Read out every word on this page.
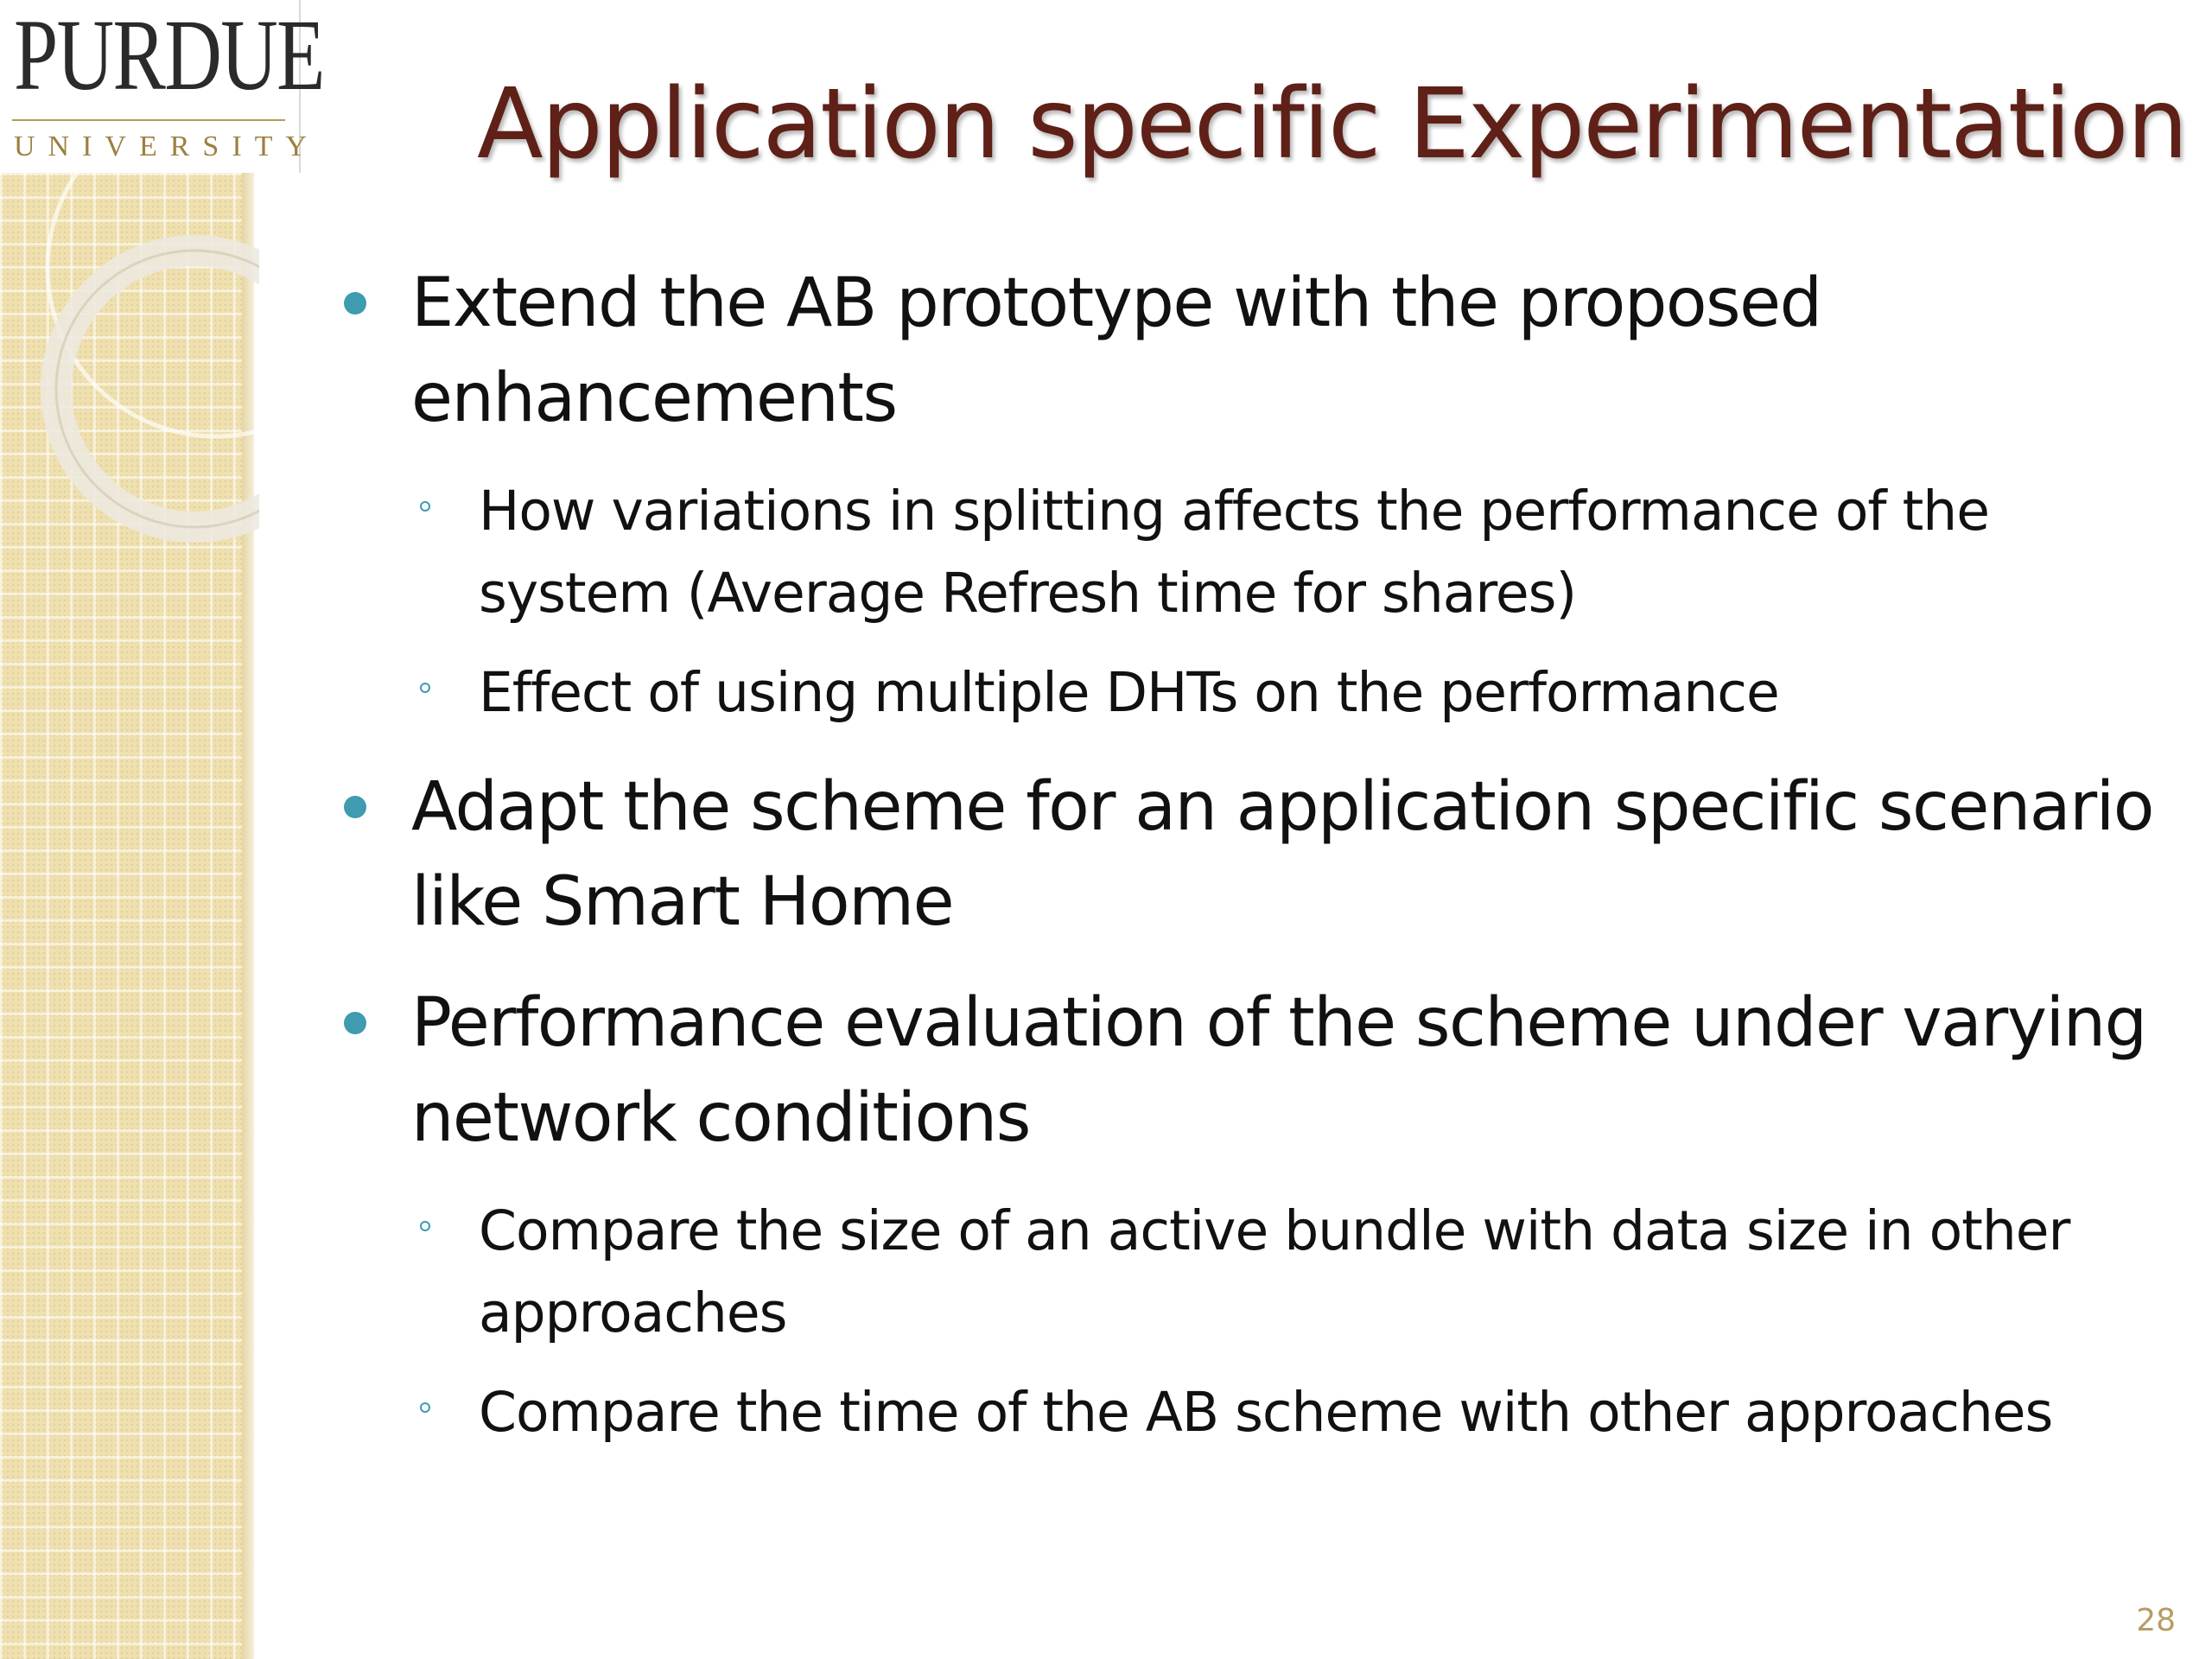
PURDUE
UNIVERSITY Application specific Experimentation
Extend the AB prototype with the proposed enhancements
How variations in splitting affects the performance of the system (Average Refresh time for shares)
Effect of using multiple DHTs on the performance
Adapt the scheme for an application specific scenario like Smart Home
Performance evaluation of the scheme under varying network conditions
Compare the size of an active bundle with data size in other approaches
Compare the time of the AB scheme with other approaches
28
